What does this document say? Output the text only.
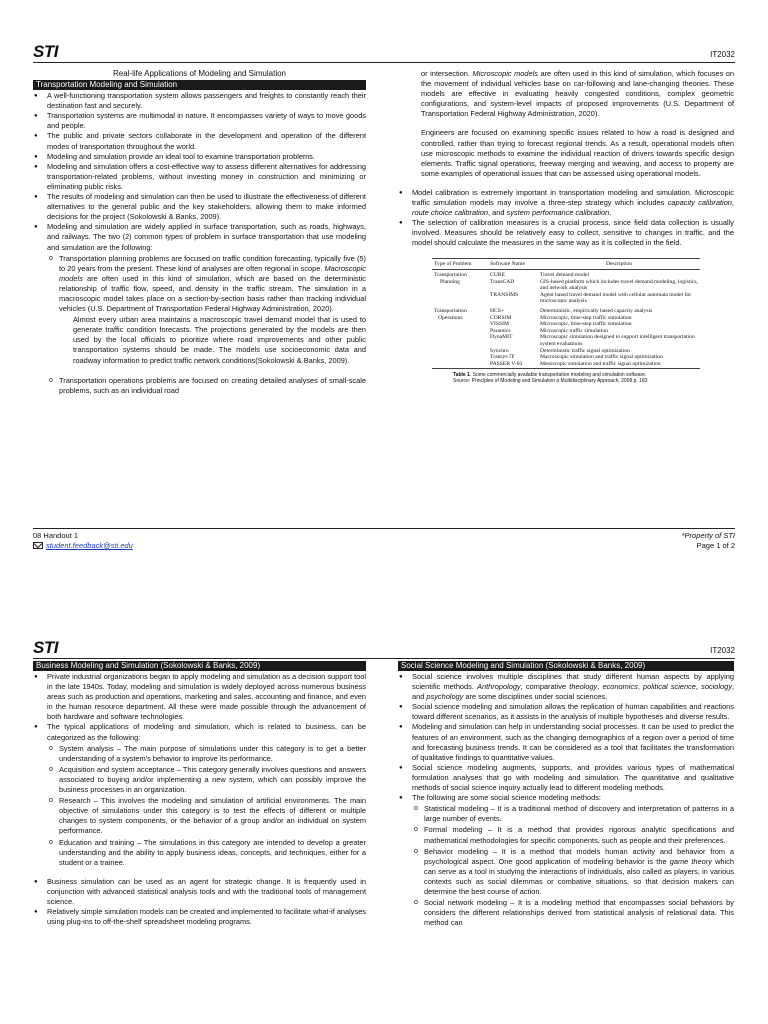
STI	IT2032
Real-life Applications of Modeling and Simulation
Transportation Modeling and Simulation
● A well-functioning transportation system allows passengers and freights to constantly reach their destination fast and securely.
● Transportation systems are multimodal in nature. It encompasses variety of ways to move goods and people.
● The public and private sectors collaborate in the development and operation of the different modes of transportation throughout the world.
● Modeling and simulation provide an ideal tool to examine transportation problems.
● Modeling and simulation offers a cost-effective way to assess different alternatives for addressing transportation-related problems, without investing money in construction and minimizing or eliminating public risks.
● The results of modeling and simulation can then be used to illustrate the effectiveness of different alternatives to the general public and the key stakeholders, allowing them to make informed decisions for the project (Sokolowski & Banks, 2009).
● Modeling and simulation are widely applied in surface transportation, such as roads, highways, and railways. The two (2) common types of problem in surface transportation that use modeling and simulation are the following:
o Transportation planning problems are focused on traffic condition forecasting, typically five (5) to 20 years from the present. These kind of analyses are often regional in scope. Macroscopic models are often used in this kind of simulation, which are based on the deterministic relationship of traffic flow, speed, and density in the traffic stream. The simulation in a macroscopic model takes place on a section-by-section basis rather than tracking individual vehicles (U.S. Department of Transportation Federal Highway Administration, 2020).
Almost every urban area maintains a macroscopic travel demand model that is used to generate traffic condition forecasts. The projections generated by the models are then used by the local officials to prioritize where road improvements and other public transportation systems should be made. The models use socioeconomic data and roadway information to predict traffic network conditions(Sokolowski & Banks, 2009).
o Transportation operations problems are focused on creating detailed analyses of small-scale problems, such as an individual road
or intersection. Microscopic models are often used in this kind of simulation, which focuses on the movement of individual vehicles base on car-following and lane-changing theories. These models are effective in evaluating heavily congested conditions, complex geometric configurations, and system-level impacts of proposed improvements (U.S. Department of Transportation Federal Highway Administration, 2020).
Engineers are focused on examining specific issues related to how a road is designed and controlled, rather than trying to forecast regional trends. As a result, operational models often use microscopic methods to examine the individual reaction of drivers towards specific design elements. Traffic signal operations, freeway merging and weaving, and access to property are some examples of operational issues that can be assessed using operational models.
● Model calibration is extremely important in transportation modeling and simulation. Microscopic traffic simulation models may involve a three-step strategy which includes capacity calibration, route choice calibration, and system performance calibration.
● The selection of calibration measures is a crucial process, since field data collection is usually involved. Measures should be relatively easy to collect, sensitive to changes in traffic, and the model should calculate the measures in the same way as it is collected in the field.
Type of Problem	Software Name	Description
Transportation	CUBE	Travel demand model
Planning	TransCAD	GIS-based platform which includes travel demand modeling, logistics, and network analysis
	TRANSIMS	Agent based travel demand model with cellular automata model for microscopic analysis
Transportation	HCS+	Deterministic, empirically based capacity analysis
Operations	CORSIM	Microscopic, time-step traffic simulation
	VISSIM	Microscopic, time-step traffic simulation
	Paramics	Microscopic traffic simulation
	DynaMIT	Microscopic simulation designed to support intelligent transportation system evaluations
	Synchro	Deterministic traffic signal optimization
	Transyt-7F	Macroscopic simulation and traffic signal optimization
	PASSER V-03	Mesoscopic simulation and traffic signal optimization
Table 1. Some commercially available transportation modeling and simulation software.
Source: Principles of Modeling and Simulation a Multidisciplinary Approach, 2009 p. 183
08 Handout 1
student.feedback@sti.edu
*Property of STI
Page 1 of 2
STI	IT2032
Business Modeling and Simulation (Sokolowski & Banks, 2009)
● Private industrial organizations began to apply modeling and simulation as a decision support tool in the late 1940s. Today, modeling and simulation is widely deployed across numerous business areas such as production and operations, marketing and sales, accounting and finance, and even in the human resource department. All these were made possible through the advancement of both hardware and software technologies.
● The typical applications of modeling and simulation, which is related to business, can be categorized as the following:
o System analysis – The main purpose of simulations under this category is to get a better understanding of a system's behavior to improve its performance.
o Acquisition and system acceptance – This category generally involves questions and answers associated to buying and/or implementing a new system, which can possibly improve the business processes in an organization.
o Research – This involves the modeling and simulation of artificial environments. The main objective of simulations under this category is to test the effects of different or multiple changes to system components, or the behavior of a group and/or an individual on system performance.
o Education and training – The simulations in this category are intended to develop a greater understanding and the ability to apply business ideas, concepts, and techniques, either for a student or a trainee.
● Business simulation can be used as an agent for strategic change. It is frequently used in conjunction with advanced statistical analysis tools and with the traditional tools of management science.
● Relatively simple simulation models can be created and implemented to facilitate what-if analyses using plug-ins to off-the-shelf spreadsheet modeling programs.
Social Science Modeling and Simulation (Sokolowski & Banks, 2009)
● Social science involves multiple disciplines that study different human aspects by applying scientific methods. Anthropology, comparative theology, economics, political science, sociology, and psychology are some disciplines under social sciences.
● Social science modeling and simulation allows the replication of human capabilities and reactions toward different scenarios, as it assists in the analysis of multiple hypotheses and diverse results.
● Modeling and simulation can help in understanding social processes. It can be used to predict the features of an environment, such as the changing demographics of a region over a period of time and forecasting business trends. It can be considered as a tool that facilitates the transformation of qualitative findings to quantitative values.
● Social science modeling augments, supports, and provides various types of mathematical formulation analyses that go with modeling and simulation. The quantitative and qualitative methods of social science inquiry actually lead to different modeling methods.
● The following are some social science modeling methods:
o Statistical modeling – It is a traditional method of discovery and interpretation of patterns in a large number of events.
o Formal modeling – It is a method that provides rigorous analytic specifications and mathematical methodologies for specific components, such as people and their preferences.
o Behavior modeling – It is a method that models human activity and behavior from a psychological aspect. One good application of modeling behavior is the game theory which can serve as a tool in studying the interactions of individuals, also called as players, in various contexts such as social dilemmas or combative situations, so that decision makers can determine the best course of action.
o Social network modeling – It is a modeling method that encompasses social behaviors by considers the different relationships derived from statistical analysis of relational data. This method can
